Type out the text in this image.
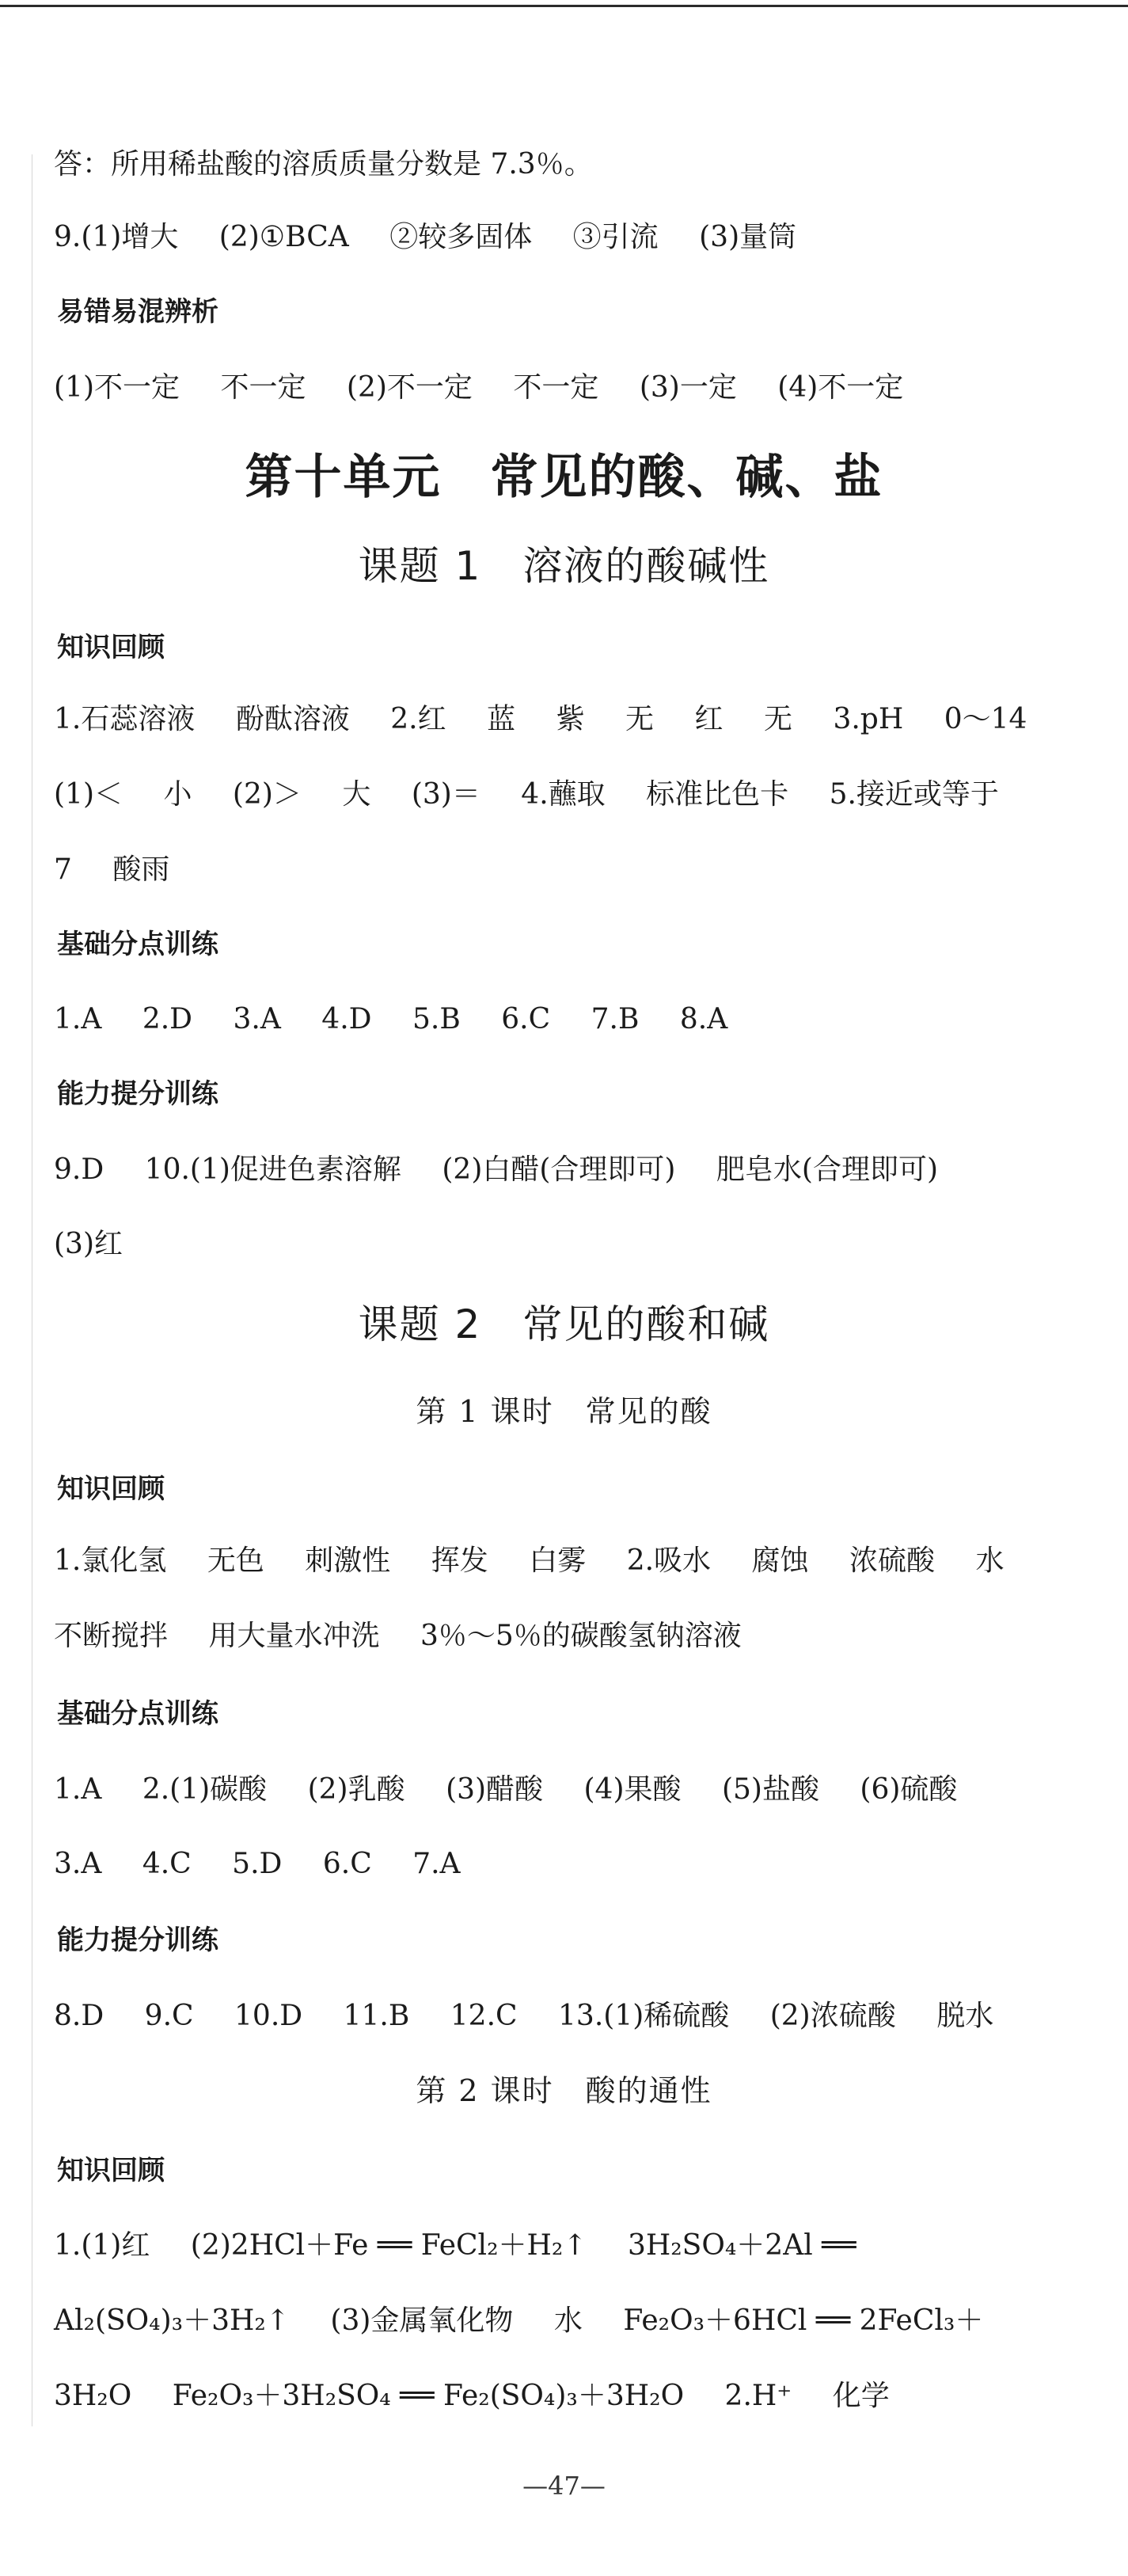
答：所用稀盐酸的溶质质量分数是 7.3％。
9.(1)增大 (2)①BCA ②较多固体 ③引流 (3)量筒
易错易混辨析
(1)不一定 不一定 (2)不一定 不一定 (3)一定 (4)不一定
第十单元　常见的酸、碱、盐
课题 1　溶液的酸碱性
知识回顾
1.石蕊溶液 酚酞溶液 2.红 蓝 紫 无 红 无 3.pH 0～14
(1)＜ 小 (2)＞ 大 (3)＝ 4.蘸取 标准比色卡 5.接近或等于
7 酸雨
基础分点训练
1.A 2.D 3.A 4.D 5.B 6.C 7.B 8.A
能力提分训练
9.D 10.(1)促进色素溶解 (2)白醋(合理即可) 肥皂水(合理即可)
(3)红
课题 2　常见的酸和碱
第 1 课时　常见的酸
知识回顾
1.氯化氢 无色 刺激性 挥发 白雾 2.吸水 腐蚀 浓硫酸 水
不断搅拌 用大量水冲洗 3％～5％的碳酸氢钠溶液
基础分点训练
1.A 2.(1)碳酸 (2)乳酸 (3)醋酸 (4)果酸 (5)盐酸 (6)硫酸
3.A 4.C 5.D 6.C 7.A
能力提分训练
8.D 9.C 10.D 11.B 12.C 13.(1)稀硫酸 (2)浓硫酸 脱水
第 2 课时　酸的通性
知识回顾
1.(1)红 (2)2HCl＋Fe ══ FeCl₂＋H₂↑ 3H₂SO₄＋2Al ══
Al₂(SO₄)₃＋3H₂↑ (3)金属氧化物 水 Fe₂O₃＋6HCl ══ 2FeCl₃＋
3H₂O Fe₂O₃＋3H₂SO₄ ══ Fe₂(SO₄)₃＋3H₂O 2.H⁺ 化学
—47—
